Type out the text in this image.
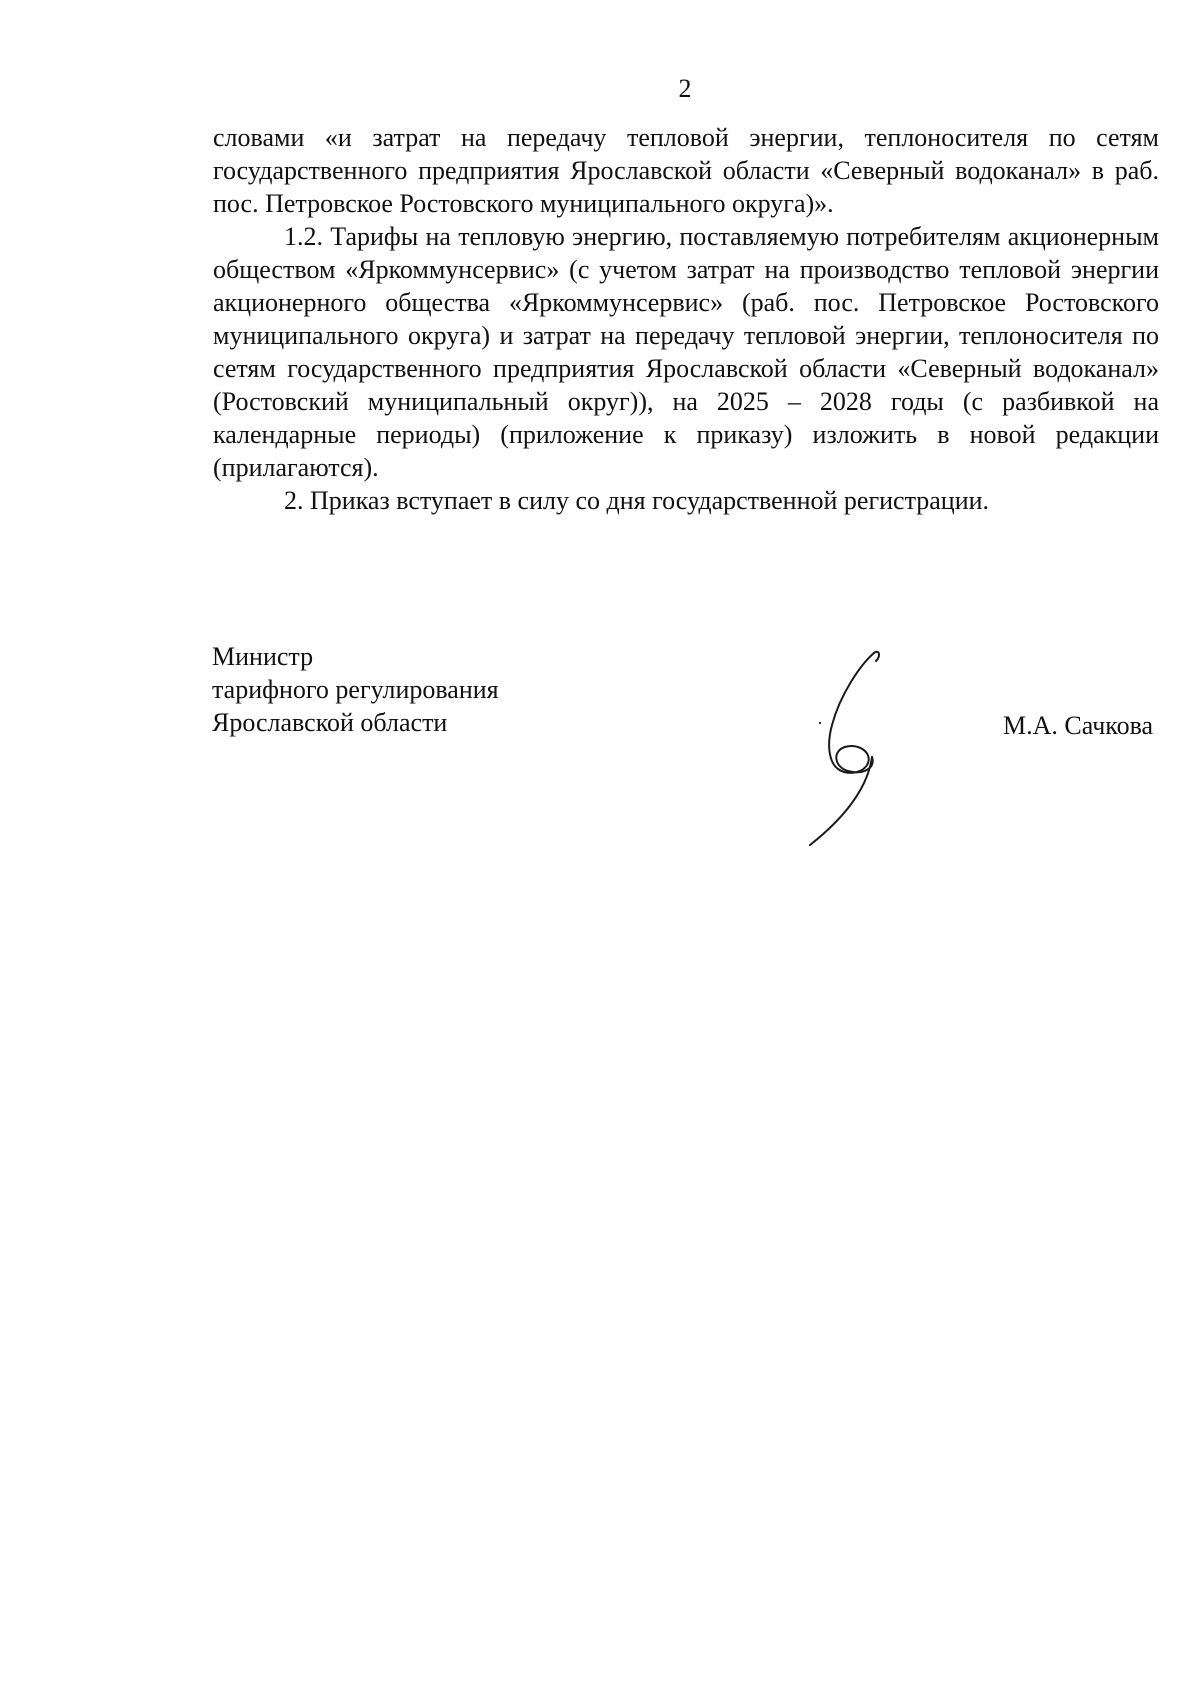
2

словами «и затрат на передачу тепловой энергии, теплоносителя по сетям государственного предприятия Ярославской области «Северный водоканал» в раб. пос. Петровское Ростовского муниципального округа)».

1.2. Тарифы на тепловую энергию, поставляемую потребителям акционерным обществом «Яркоммунсервис» (с учетом затрат на производство тепловой энергии акционерного общества «Яркоммунсервис» (раб. пос. Петровское Ростовского муниципального округа) и затрат на передачу тепловой энергии, теплоносителя по сетям государственного предприятия Ярославской области «Северный водоканал» (Ростовский муниципальный округ)), на 2025 – 2028 годы (с разбивкой на календарные периоды) (приложение к приказу) изложить в новой редакции (прилагаются).

2. Приказ вступает в силу со дня государственной регистрации.

Министр
тарифного регулирования
Ярославской области	М.А. Сачкова
